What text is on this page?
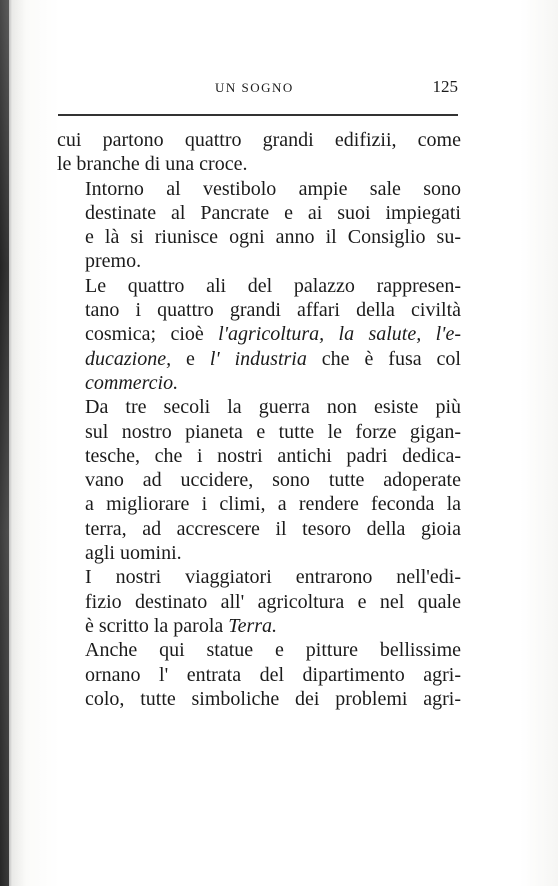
UN SOGNO	125

cui partono quattro grandi edifizii, come
le branche di una croce.

Intorno al vestibolo ampie sale sono
destinate al Pancrate e ai suoi impiegati
e là si riunisce ogni anno il Consiglio su-
premo.

Le quattro ali del palazzo rappresen-
tano i quattro grandi affari della civiltà
cosmica; cioè l'agricoltura, la salute, l'e-
ducazione, e l' industria che è fusa col
commercio.

Da tre secoli la guerra non esiste più
sul nostro pianeta e tutte le forze gigan-
tesche, che i nostri antichi padri dedica-
vano ad uccidere, sono tutte adoperate
a migliorare i climi, a rendere feconda la
terra, ad accrescere il tesoro della gioia
agli uomini.

I nostri viaggiatori entrarono nell'edi-
fizio destinato all' agricoltura e nel quale
è scritto la parola Terra.

Anche qui statue e pitture bellissime
ornano l' entrata del dipartimento agri-
colo, tutte simboliche dei problemi agri-
